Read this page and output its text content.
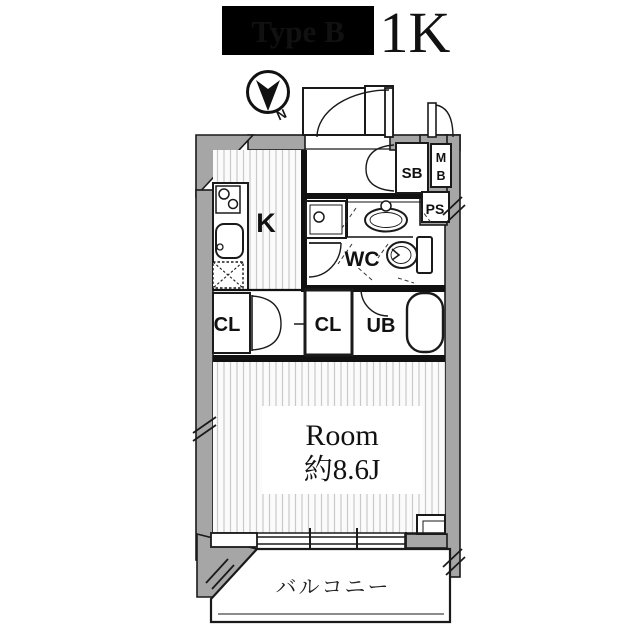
Type B 1K
N
K
SB
M
B
PS
WC
CL	CL UB
Room
約8.6J
バルコニー
